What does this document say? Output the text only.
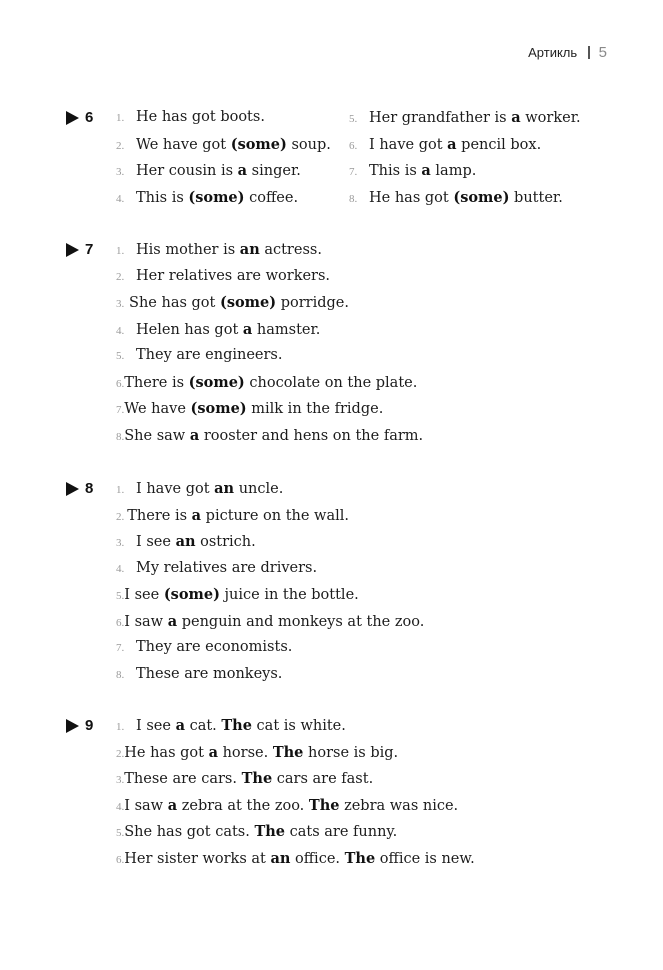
Артикль 5
6 1. He has got boots.
2. We have got (some) soup.
3. Her cousin is a singer.
4. This is (some) coffee.
5. Her grandfather is a worker.
6. I have got a pencil box.
7. This is a lamp.
8. He has got (some) butter.
7 1. His mother is an actress.
2. Her relatives are workers.
3. She has got (some) porridge.
4. Helen has got a hamster.
5. They are engineers.
6. There is (some) chocolate on the plate.
7. We have (some) milk in the fridge.
8. She saw a rooster and hens on the farm.
8 1. I have got an uncle.
2. There is a picture on the wall.
3. I see an ostrich.
4. My relatives are drivers.
5. I see (some) juice in the bottle.
6. I saw a penguin and monkeys at the zoo.
7. They are economists.
8. These are monkeys.
9 1. I see a cat. The cat is white.
2. He has got a horse. The horse is big.
3. These are cars. The cars are fast.
4. I saw a zebra at the zoo. The zebra was nice.
5. She has got cats. The cats are funny.
6. Her sister works at an office. The office is new.
